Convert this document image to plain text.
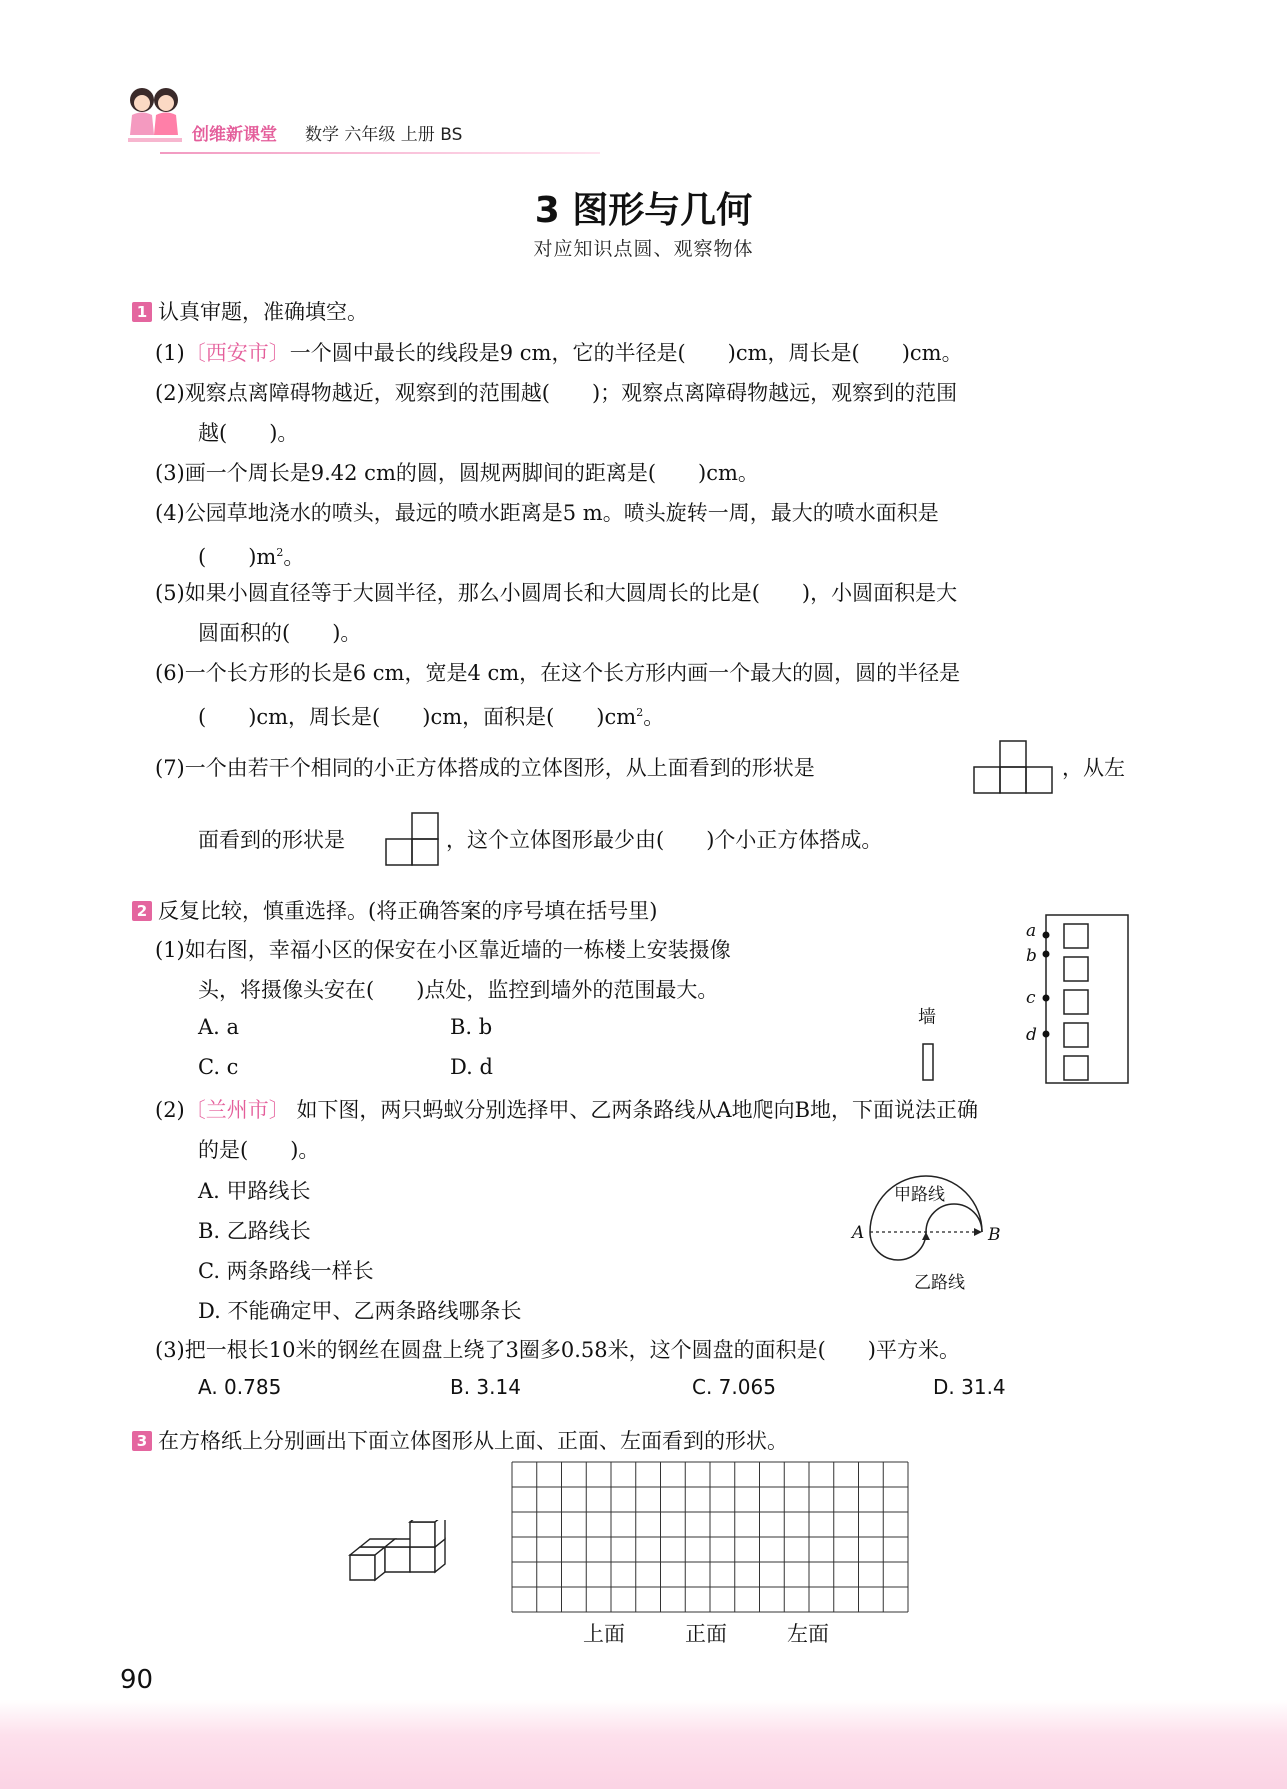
创维新课堂 数学 六年级 上册 BS
3 图形与几何
对应知识点圆、观察物体
1 认真审题，准确填空。
(1)〔西安市〕一个圆中最长的线段是9 cm，它的半径是(　　)cm，周长是(　　)cm。
(2)观察点离障碍物越近，观察到的范围越(　　)；观察点离障碍物越远，观察到的范围
越(　　)。
(3)画一个周长是9.42 cm的圆，圆规两脚间的距离是(　　)cm。
(4)公园草地浇水的喷头，最远的喷水距离是5 m。喷头旋转一周，最大的喷水面积是
(　　)$m^2$。
(5)如果小圆直径等于大圆半径，那么小圆周长和大圆周长的比是(　　)，小圆面积是大
圆面积的(　　)。
(6)一个长方形的长是6 cm，宽是4 cm，在这个长方形内画一个最大的圆，圆的半径是
(　　)cm，周长是(　　)cm，面积是(　　)$cm^2$。
(7)一个由若干个相同的小正方体搭成的立体图形，从上面看到的形状是	，从左
面看到的形状是	，这个立体图形最少由(　　)个小正方体搭成。
2 反复比较，慎重选择。(将正确答案的序号填在括号里)
(1)如右图，幸福小区的保安在小区靠近墙的一栋楼上安装摄像
头，将摄像头安在(　　)点处，监控到墙外的范围最大。
A. a	B. b
C. c	D. d
a
b
c
d
墙
(2)〔兰州市〕 如下图，两只蚂蚁分别选择甲、乙两条路线从A地爬向B地，下面说法正确
的是(　　)。
A. 甲路线长
B. 乙路线长
C. 两条路线一样长
D. 不能确定甲、乙两条路线哪条长
甲路线
乙路线
A	B
(3)把一根长10米的钢丝在圆盘上绕了3圈多0.58米，这个圆盘的面积是(　　)平方米。
A. 0.785	B. 3.14	C. 7.065	D. 31.4
3 在方格纸上分别画出下面立体图形从上面、正面、左面看到的形状。
上面	正面	左面
90
